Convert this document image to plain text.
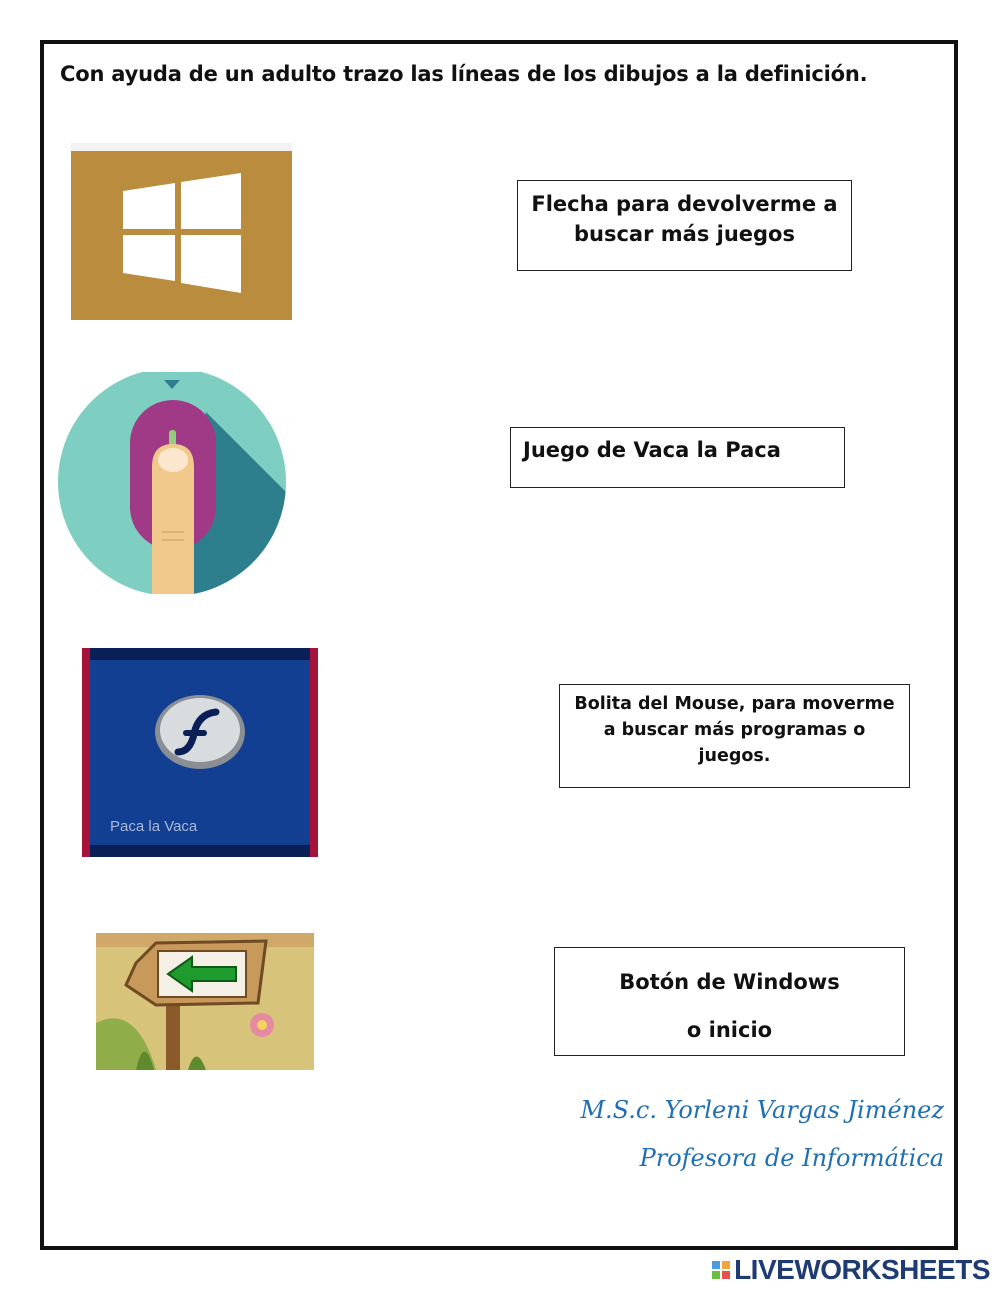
Con ayuda de un adulto trazo las líneas de los dibujos a la definición.
Paca la Vaca
Flecha para devolverme a
buscar más juegos
Juego de Vaca la Paca
Bolita del Mouse, para moverme
a buscar más programas o
juegos.
Botón de Windows
o inicio
M.S.c. Yorleni Vargas Jiménez
Profesora de Informática
LIVEWORKSHEETS
